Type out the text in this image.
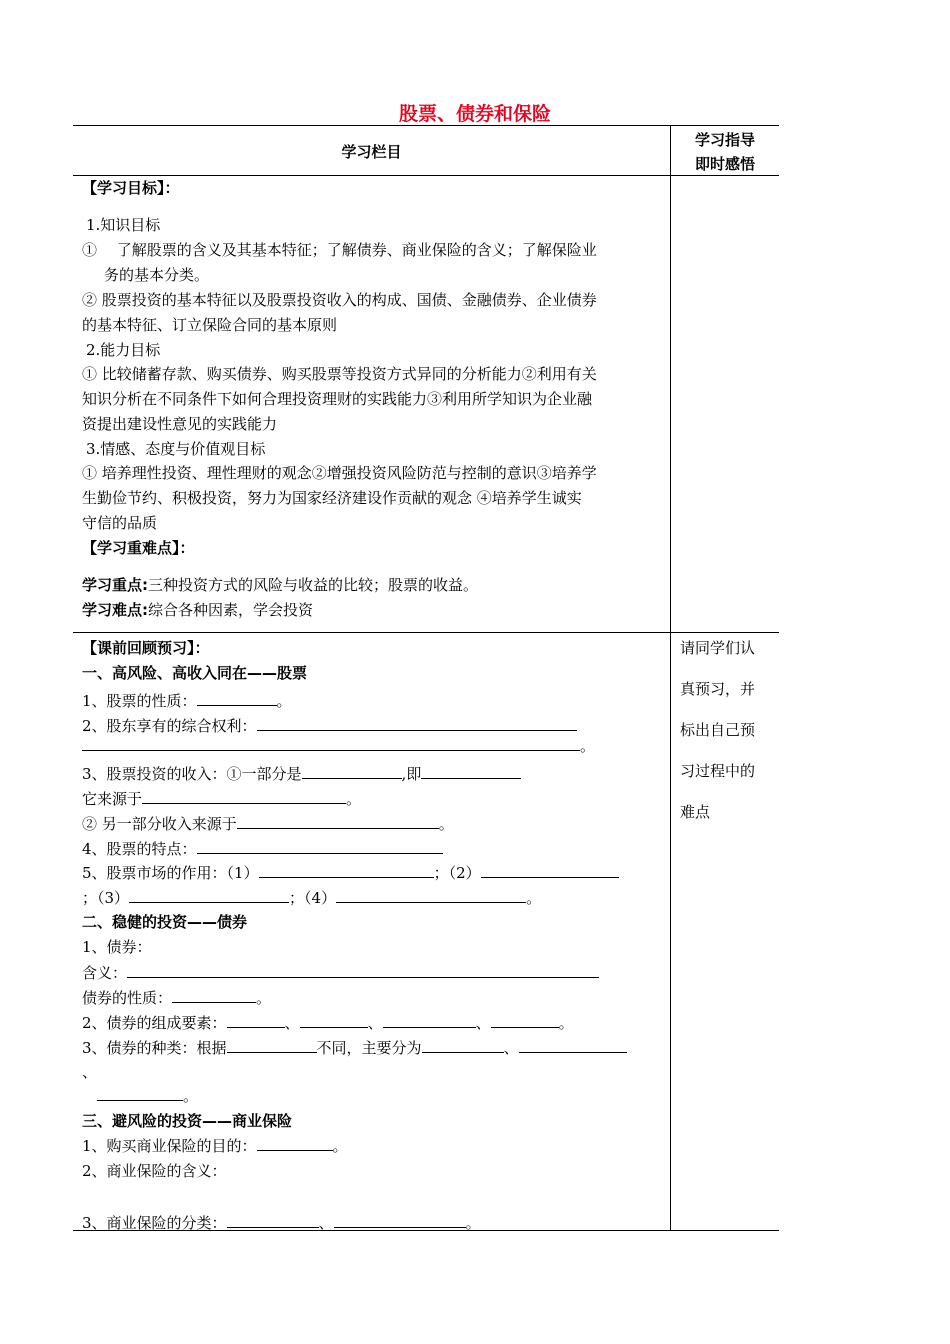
股票、债券和保险
学习栏目
学习指导
即时感悟
【学习目标】：
1.知识目标
①　 了解股票的含义及其基本特征；了解债券、商业保险的含义；了解保险业
务的基本分类。
② 股票投资的基本特征以及股票投资收入的构成、国债、金融债券、企业债券
的基本特征、订立保险合同的基本原则
2.能力目标
① 比较储蓄存款、购买债券、购买股票等投资方式异同的分析能力②利用有关
知识分析在不同条件下如何合理投资理财的实践能力③利用所学知识为企业融
资提出建设性意见的实践能力
3.情感、态度与价值观目标
① 培养理性投资、理性理财的观念②增强投资风险防范与控制的意识③培养学
生勤俭节约、积极投资，努力为国家经济建设作贡献的观念 ④培养学生诚实
守信的品质
【学习重难点】：
学习重点:三种投资方式的风险与收益的比较；股票的收益。
学习难点:综合各种因素，学会投资
【课前回顾预习】：
一、高风险、高收入同在——股票
1、股票的性质：	。
2、股东享有的综合权利：
。
3、股票投资的收入：①一部分是	,即
它来源于	。
② 另一部分收入来源于	。
4、股票的特点：
5、股票市场的作用：（1）	；（2）
；（3）	；（4）	。
二、稳健的投资——债券
1、债券：
含义：
债券的性质：	。
2、债券的组成要素：	、	、	、	。
3、债券的种类：根据	不同，主要分为	、
、
。
三、避风险的投资——商业保险
1、购买商业保险的目的：	。
2、商业保险的含义：
3、商业保险的分类：	、	。
请同学们认
真预习，并
标出自己预
习过程中的
难点
